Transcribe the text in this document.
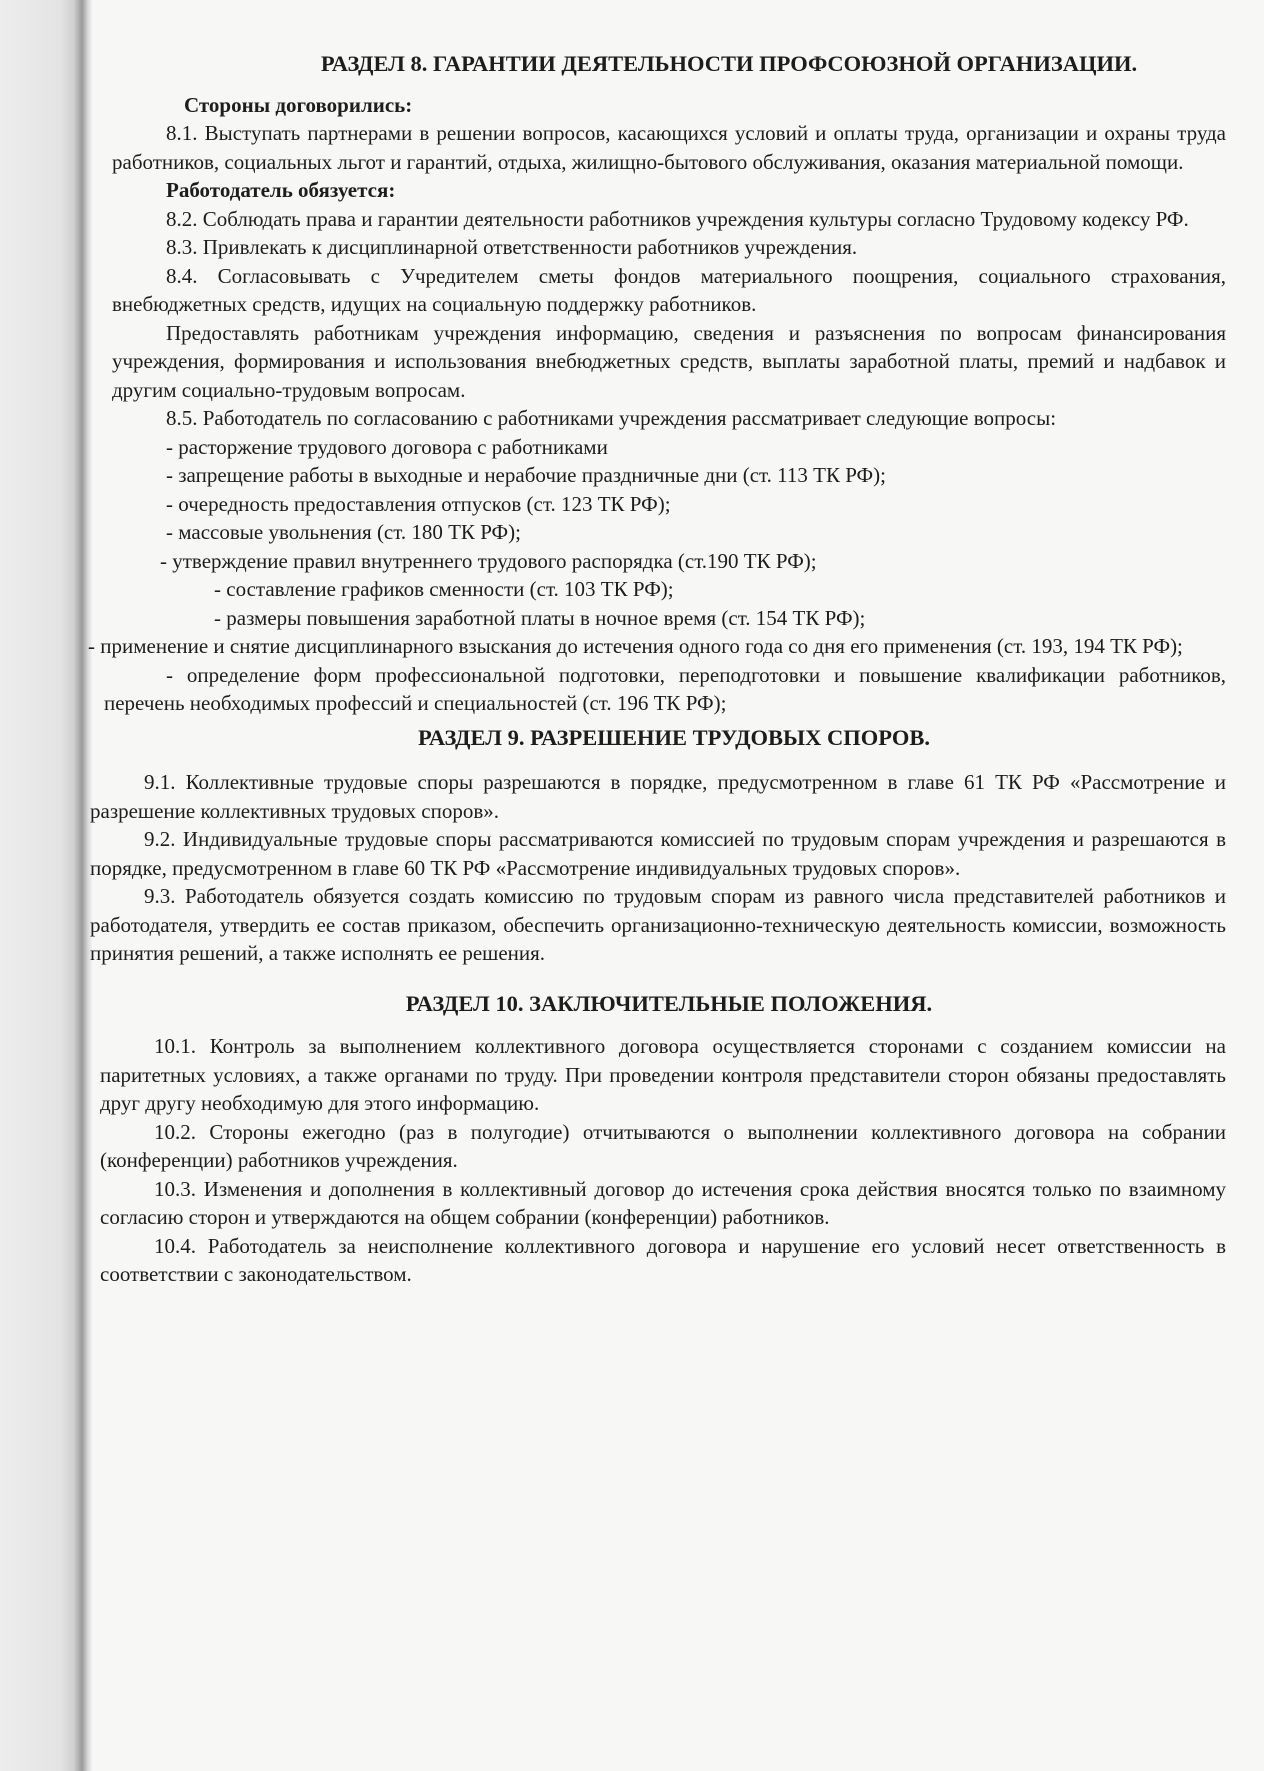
РАЗДЕЛ 8. ГАРАНТИИ ДЕЯТЕЛЬНОСТИ ПРОФСОЮЗНОЙ ОРГАНИЗАЦИИ.
Стороны договорились:

8.1. Выступать партнерами в решении вопросов, касающихся условий и оплаты труда, организации и охраны труда работников, социальных льгот и гарантий, отдыха, жилищно-бытового обслуживания, оказания материальной помощи.

Работодатель обязуется:

8.2. Соблюдать права и гарантии деятельности работников учреждения культуры согласно Трудовому кодексу РФ.

8.3. Привлекать к дисциплинарной ответственности работников учреждения.

8.4. Согласовывать с Учредителем сметы фондов материального поощрения, социального страхования, внебюджетных средств, идущих на социальную поддержку работников.

Предоставлять работникам учреждения информацию, сведения и разъяснения по вопросам финансирования учреждения, формирования и использования внебюджетных средств, выплаты заработной платы, премий и надбавок и другим социально-трудовым вопросам.

8.5. Работодатель по согласованию с работниками учреждения рассматривает следующие вопросы:

- расторжение трудового договора с работниками
- запрещение работы в выходные и нерабочие праздничные дни (ст. 113 ТК РФ);
- очередность предоставления отпусков (ст. 123 ТК РФ);
- массовые увольнения (ст. 180 ТК РФ);
- утверждение правил внутреннего трудового распорядка (ст.190 ТК РФ);
- составление графиков сменности (ст. 103 ТК РФ);
- размеры повышения заработной платы в ночное время (ст. 154 ТК РФ);
- применение и снятие дисциплинарного взыскания до истечения одного года со дня его применения (ст. 193, 194 ТК РФ);
- определение форм профессиональной подготовки, переподготовки и повышение квалификации работников, перечень необходимых профессий и специальностей (ст. 196 ТК РФ);
РАЗДЕЛ 9. РАЗРЕШЕНИЕ ТРУДОВЫХ СПОРОВ.

9.1. Коллективные трудовые споры разрешаются в порядке, предусмотренном в главе 61 ТК РФ «Рассмотрение и разрешение коллективных трудовых споров».

9.2. Индивидуальные трудовые споры рассматриваются комиссией по трудовым спорам учреждения и разрешаются в порядке, предусмотренном в главе 60 ТК РФ «Рассмотрение индивидуальных трудовых споров».

9.3. Работодатель обязуется создать комиссию по трудовым спорам из равного числа представителей работников и работодателя, утвердить ее состав приказом, обеспечить организационно-техническую деятельность комиссии, возможность принятия решений, а также исполнять ее решения.

РАЗДЕЛ 10. ЗАКЛЮЧИТЕЛЬНЫЕ ПОЛОЖЕНИЯ.

10.1. Контроль за выполнением коллективного договора осуществляется сторонами с созданием комиссии на паритетных условиях, а также органами по труду. При проведении контроля представители сторон обязаны предоставлять друг другу необходимую для этого информацию.

10.2. Стороны ежегодно (раз в полугодие) отчитываются о выполнении коллективного договора на собрании (конференции) работников учреждения.

10.3. Изменения и дополнения в коллективный договор до истечения срока действия вносятся только по взаимному согласию сторон и утверждаются на общем собрании (конференции) работников.

10.4. Работодатель за неисполнение коллективного договора и нарушение его условий несет ответственность в соответствии с законодательством.
